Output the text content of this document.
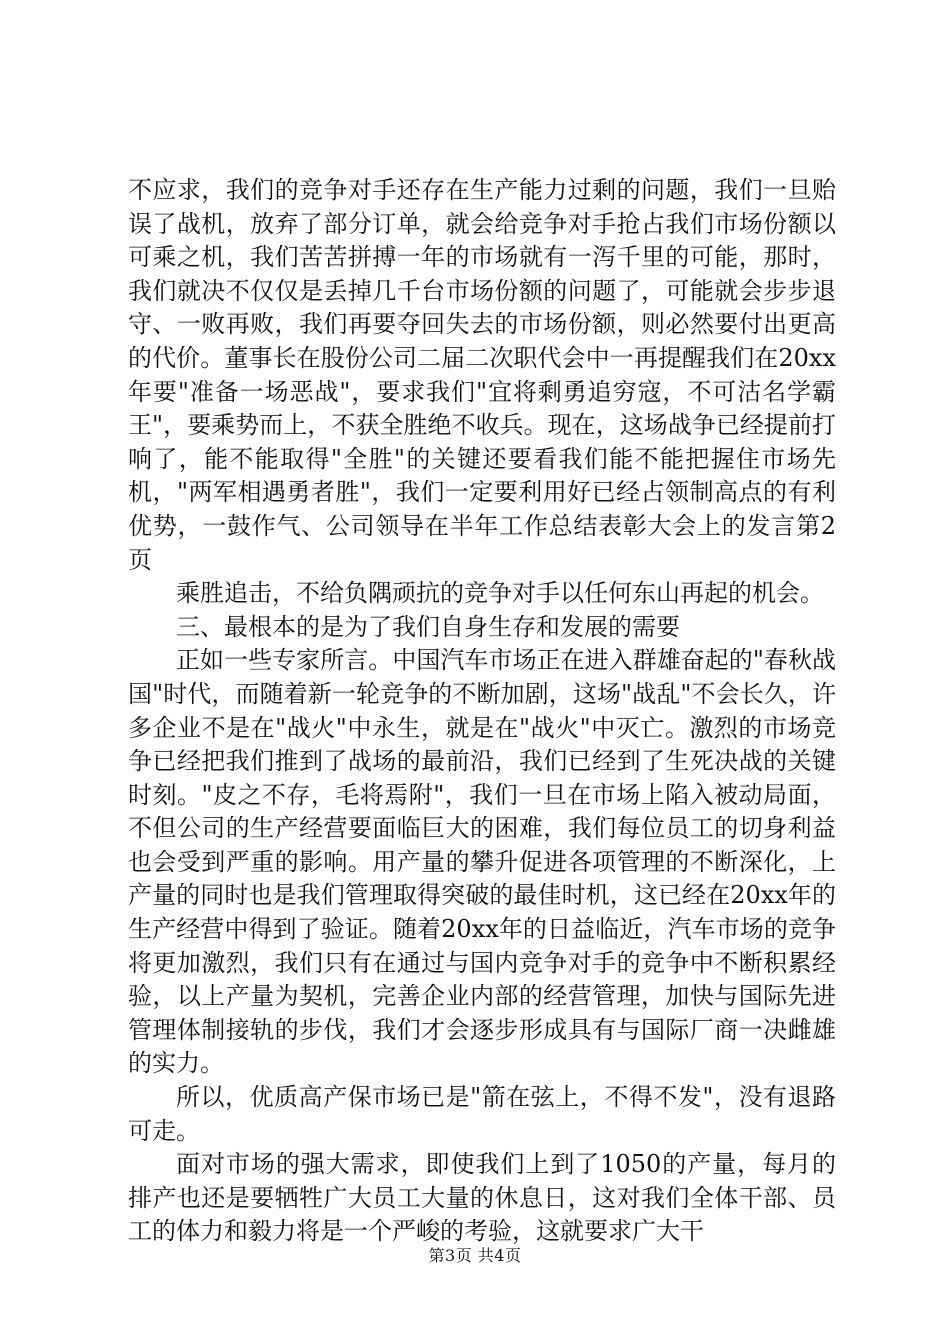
不应求，我们的竞争对手还存在生产能力过剩的问题，我们一旦贻误了战机，放弃了部分订单，就会给竞争对手抢占我们市场份额以可乘之机，我们苦苦拼搏一年的市场就有一泻千里的可能，那时，我们就决不仅仅是丢掉几千台市场份额的问题了，可能就会步步退守、一败再败，我们再要夺回失去的市场份额，则必然要付出更高的代价。董事长在股份公司二届二次职代会中一再提醒我们在20xx年要"准备一场恶战"，要求我们"宜将剩勇追穷寇，不可沽名学霸王"，要乘势而上，不获全胜绝不收兵。现在，这场战争已经提前打响了，能不能取得"全胜"的关键还要看我们能不能把握住市场先机，"两军相遇勇者胜"，我们一定要利用好已经占领制高点的有利优势，一鼓作气、公司领导在半年工作总结表彰大会上的发言第2页

乘胜追击，不给负隅顽抗的竞争对手以任何东山再起的机会。

三、最根本的是为了我们自身生存和发展的需要

正如一些专家所言。中国汽车市场正在进入群雄奋起的"春秋战国"时代，而随着新一轮竞争的不断加剧，这场"战乱"不会长久，许多企业不是在"战火"中永生，就是在"战火"中灭亡。激烈的市场竞争已经把我们推到了战场的最前沿，我们已经到了生死决战的关键时刻。"皮之不存，毛将焉附"，我们一旦在市场上陷入被动局面，不但公司的生产经营要面临巨大的困难，我们每位员工的切身利益也会受到严重的影响。用产量的攀升促进各项管理的不断深化，上产量的同时也是我们管理取得突破的最佳时机，这已经在20xx年的生产经营中得到了验证。随着20xx年的日益临近，汽车市场的竞争将更加激烈，我们只有在通过与国内竞争对手的竞争中不断积累经验，以上产量为契机，完善企业内部的经营管理，加快与国际先进管理体制接轨的步伐，我们才会逐步形成具有与国际厂商一决雌雄的实力。

所以，优质高产保市场已是"箭在弦上，不得不发"，没有退路可走。

面对市场的强大需求，即使我们上到了1050的产量，每月的排产也还是要牺牲广大员工大量的休息日，这对我们全体干部、员工的体力和毅力将是一个严峻的考验，这就要求广大干

第3页 共4页
